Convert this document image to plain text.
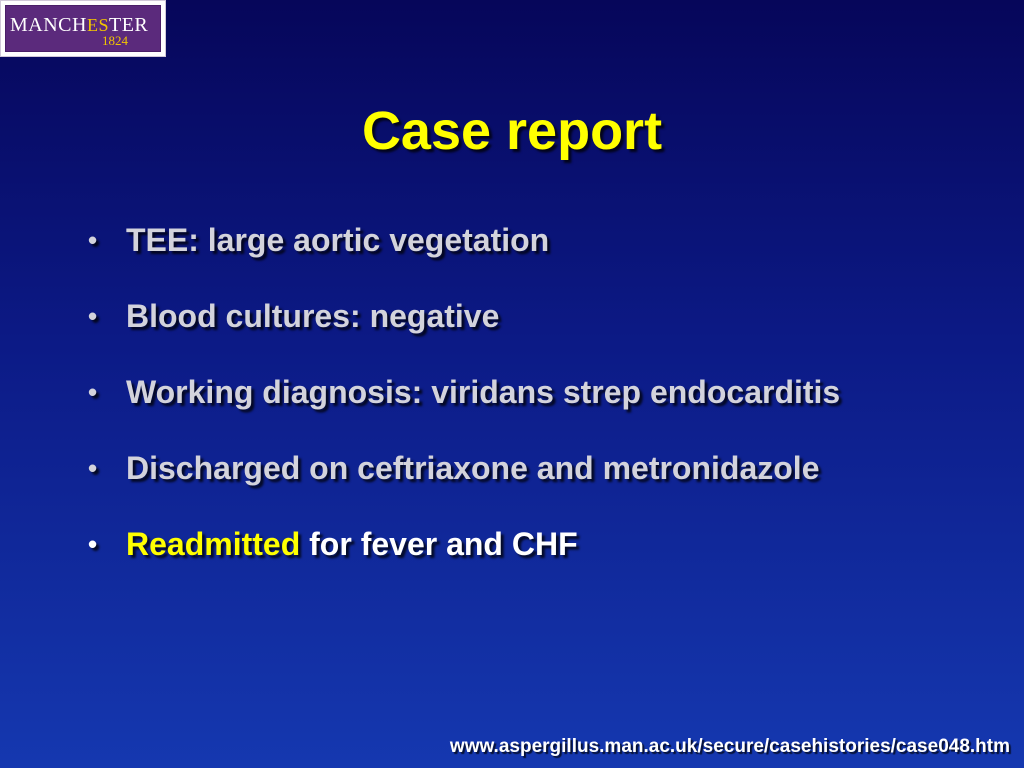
MANCHESTER
1824
Case report
• TEE: large aortic vegetation
• Blood cultures: negative
• Working diagnosis: viridans strep endocarditis
• Discharged on ceftriaxone and metronidazole
• Readmitted for fever and CHF
www.aspergillus.man.ac.uk/secure/casehistories/case048.htm
